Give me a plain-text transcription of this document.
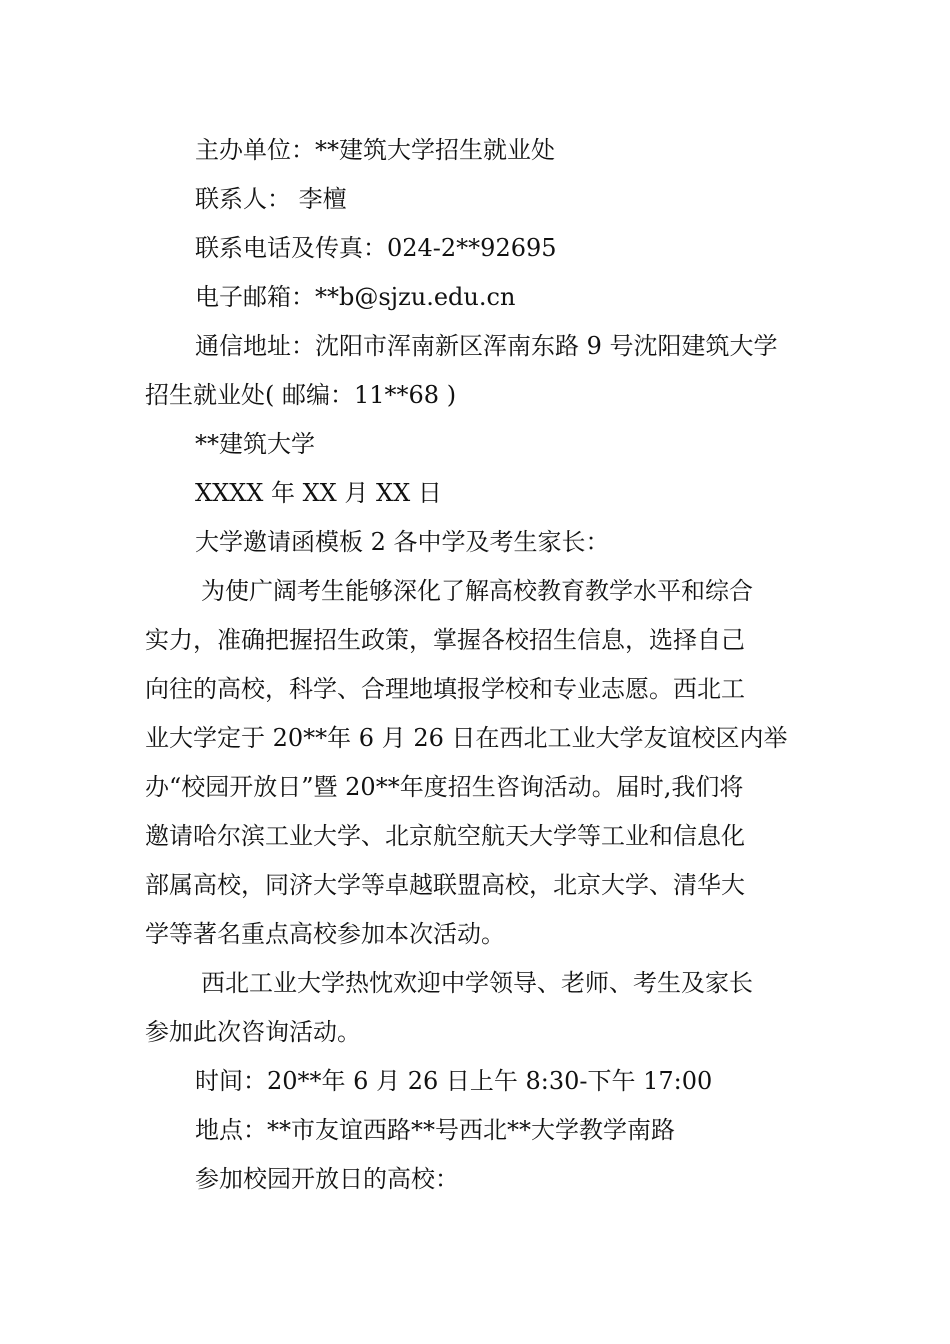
主办单位：**建筑大学招生就业处
联系人： 李檀
联系电话及传真：024-2**92695
电子邮箱：**b@sjzu.edu.cn
通信地址：沈阳市浑南新区浑南东路 9 号沈阳建筑大学
招生就业处( 邮编：11**68 )
**建筑大学
XXXX 年 XX 月 XX 日
大学邀请函模板 2 各中学及考生家长：
为使广阔考生能够深化了解高校教育教学水平和综合
实力，准确把握招生政策，掌握各校招生信息，选择自己
向往的高校，科学、合理地填报学校和专业志愿。西北工
业大学定于 20**年 6 月 26 日在西北工业大学友谊校区内举
办“校园开放日”暨 20**年度招生咨询活动。届时,我们将
邀请哈尔滨工业大学、北京航空航天大学等工业和信息化
部属高校，同济大学等卓越联盟高校，北京大学、清华大
学等著名重点高校参加本次活动。
西北工业大学热忱欢迎中学领导、老师、考生及家长
参加此次咨询活动。
时间：20**年 6 月 26 日上午 8:30-下午 17:00
地点：**市友谊西路**号西北**大学教学南路
参加校园开放日的高校：
